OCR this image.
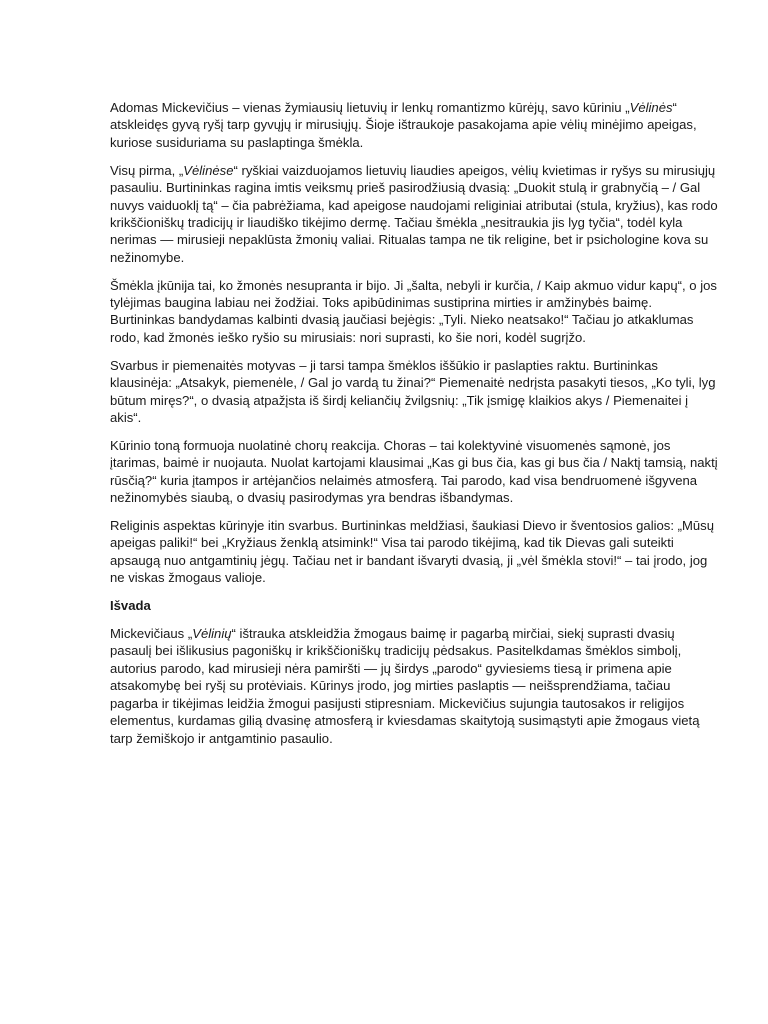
Adomas Mickevičius – vienas žymiausių lietuvių ir lenkų romantizmo kūrėjų, savo kūriniu „Vėlinės“ atskleidęs gyvą ryšį tarp gyvųjų ir mirusiųjų. Šioje ištraukoje pasakojama apie vėlių minėjimo apeigas, kuriose susiduriama su paslaptinga šmėkla.

Visų pirma, „Vėlinėse“ ryškiai vaizduojamos lietuvių liaudies apeigos, vėlių kvietimas ir ryšys su mirusiųjų pasauliu. Burtininkas ragina imtis veiksmų prieš pasirodžiusią dvasią: „Duokit stulą ir grabnyčią – / Gal nuvys vaiduoklį tą“ – čia pabrėžiama, kad apeigose naudojami religiniai atributai (stula, kryžius), kas rodo krikščioniškų tradicijų ir liaudiško tikėjimo dermę. Tačiau šmėkla „nesitraukia jis lyg tyčia“, todėl kyla nerimas — mirusieji nepaklūsta žmonių valiai. Ritualas tampa ne tik religine, bet ir psichologine kova su nežinomybe.

Šmėkla įkūnija tai, ko žmonės nesupranta ir bijo. Ji „šalta, nebyli ir kurčia, / Kaip akmuo vidur kapų“, o jos tylėjimas baugina labiau nei žodžiai. Toks apibūdinimas sustiprina mirties ir amžinybės baimę. Burtininkas bandydamas kalbinti dvasią jaučiasi bejėgis: „Tyli. Nieko neatsako!“ Tačiau jo atkaklumas rodo, kad žmonės ieško ryšio su mirusiais: nori suprasti, ko šie nori, kodėl sugrįžo.

Svarbus ir piemenaitės motyvas – ji tarsi tampa šmėklos iššūkio ir paslapties raktu. Burtininkas klausinėja: „Atsakyk, piemenėle, / Gal jo vardą tu žinai?“ Piemenaitė nedrįsta pasakyti tiesos, „Ko tyli, lyg būtum miręs?“, o dvasią atpažįsta iš širdį keliančių žvilgsnių: „Tik įsmigę klaikios akys / Piemenaitei į akis“.

Kūrinio toną formuoja nuolatinė chorų reakcija. Choras – tai kolektyvinė visuomenės sąmonė, jos įtarimas, baimė ir nuojauta. Nuolat kartojami klausimai „Kas gi bus čia, kas gi bus čia / Naktį tamsią, naktį rūsčią?“ kuria įtampos ir artėjančios nelaimės atmosferą. Tai parodo, kad visa bendruomenė išgyvena nežinomybės siaubą, o dvasių pasirodymas yra bendras išbandymas.

Religinis aspektas kūrinyje itin svarbus. Burtininkas meldžiasi, šaukiasi Dievo ir šventosios galios: „Mūsų apeigas paliki!“ bei „Kryžiaus ženklą atsimink!“ Visa tai parodo tikėjimą, kad tik Dievas gali suteikti apsaugą nuo antgamtinių jėgų. Tačiau net ir bandant išvaryti dvasią, ji „vėl šmėkla stovi!“ – tai įrodo, jog ne viskas žmogaus valioje.

Išvada

Mickevičiaus „Vėlinių“ ištrauka atskleidžia žmogaus baimę ir pagarbą mirčiai, siekį suprasti dvasių pasaulį bei išlikusius pagoniškų ir krikščioniškų tradicijų pėdsakus. Pasitelkdamas šmėklos simbolį, autorius parodo, kad mirusieji nėra pamiršti — jų širdys „parodo“ gyviesiems tiesą ir primena apie atsakomybę bei ryšį su protėviais. Kūrinys įrodo, jog mirties paslaptis — neišsprendžiama, tačiau pagarba ir tikėjimas leidžia žmogui pasijusti stipresniam. Mickevičius sujungia tautosakos ir religijos elementus, kurdamas gilią dvasinę atmosferą ir kviesdamas skaitytoją susimąstyti apie žmogaus vietą tarp žemiškojo ir antgamtinio pasaulio.
